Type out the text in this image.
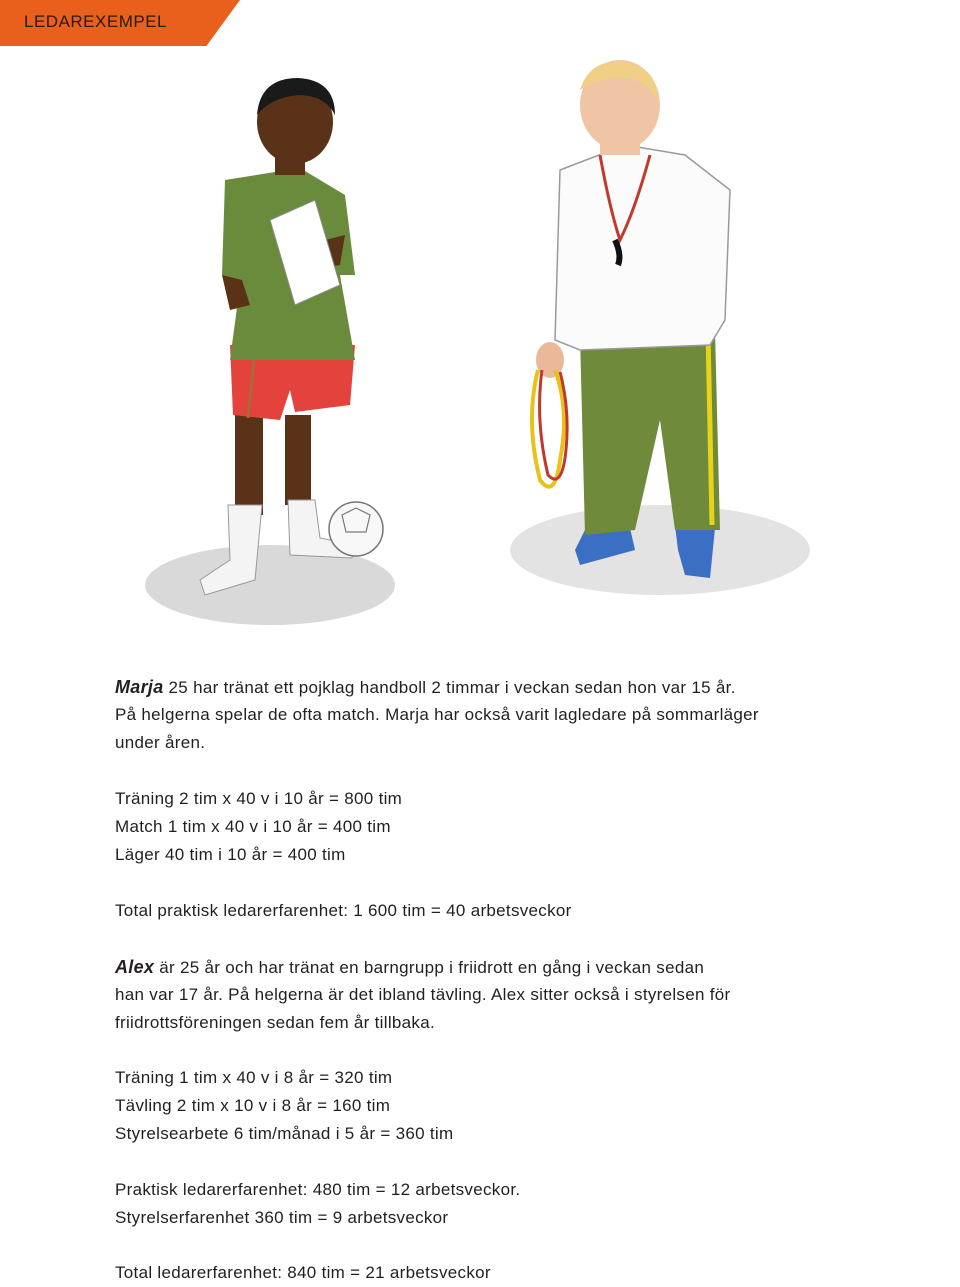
LEDAREXEMPEL
Marja 25 har tränat ett pojklag handboll 2 timmar i veckan sedan hon var 15 år.
På helgerna spelar de ofta match. Marja har också varit lagledare på sommarläger
under åren.
Träning 2 tim x 40 v i 10 år = 800 tim
Match 1 tim x 40 v i 10 år = 400 tim
Läger 40 tim i 10 år = 400 tim
Total praktisk ledarerfarenhet: 1 600 tim = 40 arbetsveckor
Alex är 25 år och har tränat en barngrupp i friidrott en gång i veckan sedan
han var 17 år. På helgerna är det ibland tävling. Alex sitter också i styrelsen för
friidrottsföreningen sedan fem år tillbaka.
Träning 1 tim x 40 v i 8 år = 320 tim
Tävling 2 tim x 10 v i 8 år = 160 tim
Styrelsearbete 6 tim/månad i 5 år = 360 tim
Praktisk ledarerfarenhet: 480 tim = 12 arbetsveckor.
Styrelserfarenhet 360 tim = 9 arbetsveckor
Total ledarerfarenhet: 840 tim = 21 arbetsveckor
